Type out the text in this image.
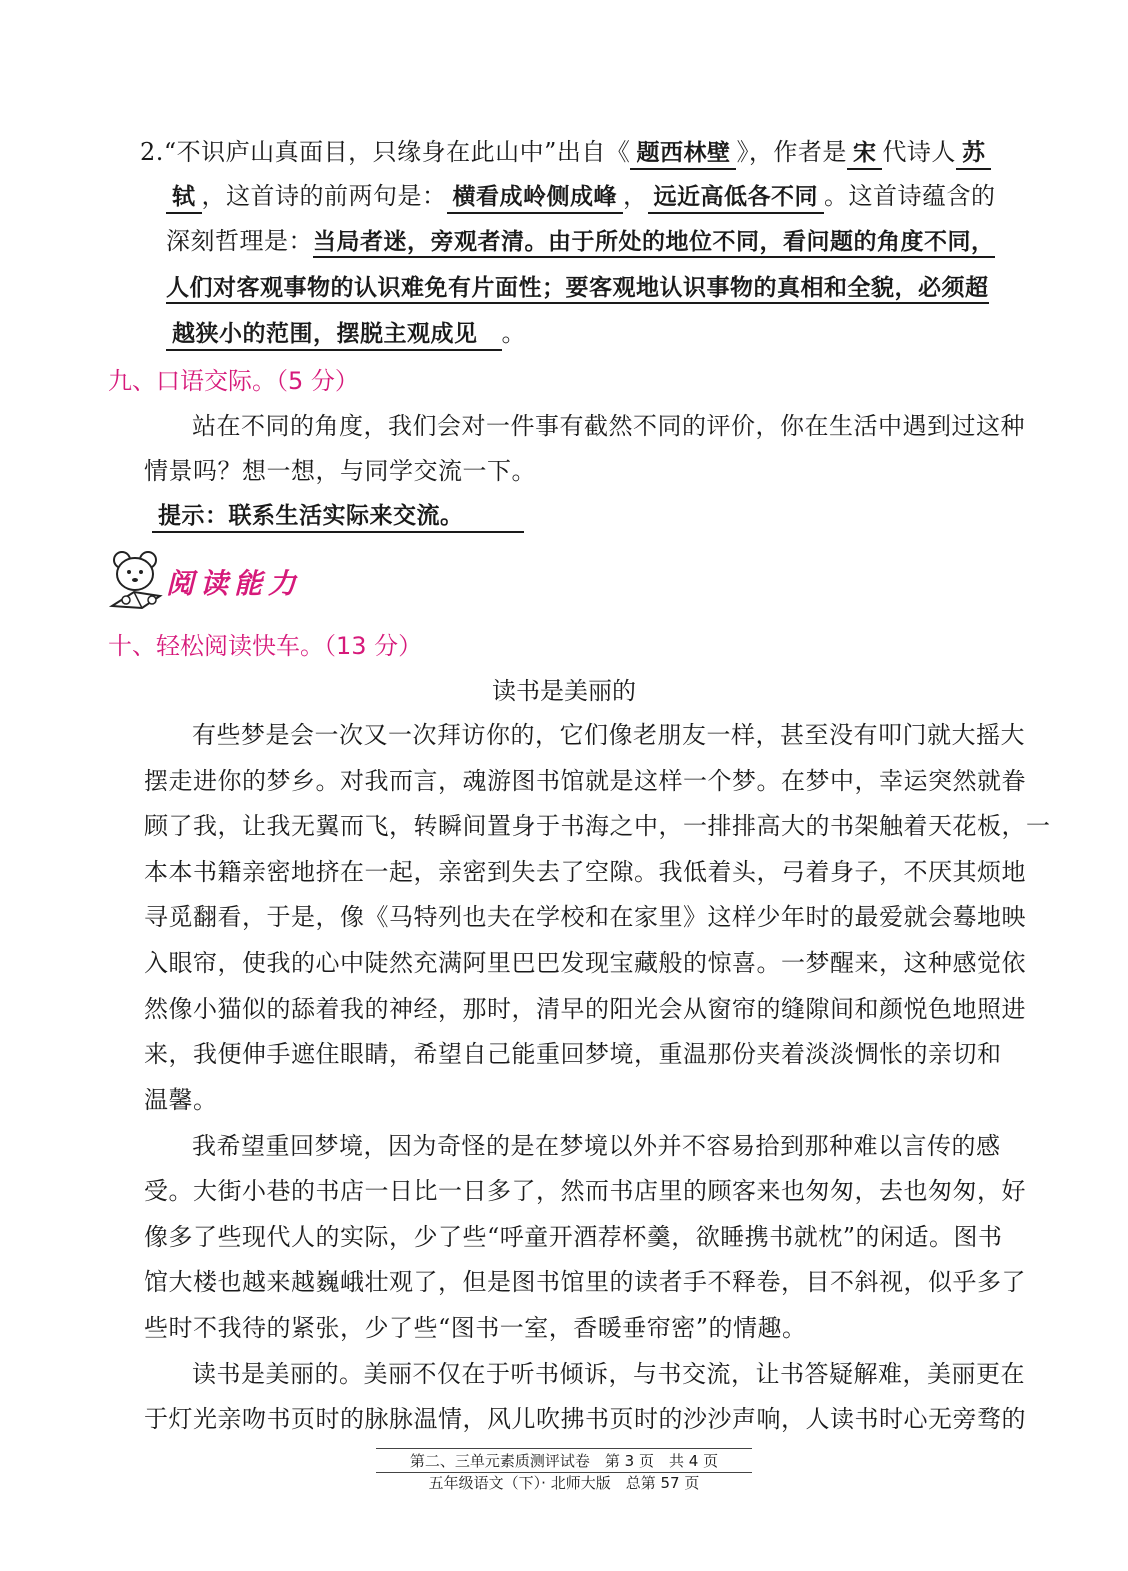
2.“不识庐山真面目，只缘身在此山中”出自《 题西林壁 》，作者是 宋 代诗人 苏
轼 ，这首诗的前两句是： 横看成岭侧成峰 ， 远近高低各不同 。这首诗蕴含的
深刻哲理是：当局者迷，旁观者清。由于所处的地位不同，看问题的角度不同，
人们对客观事物的认识难免有片面性；要客观地认识事物的真相和全貌，必须超
越狭小的范围，摆脱主观成见 。
九、口语交际。（5 分）
站在不同的角度，我们会对一件事有截然不同的评价，你在生活中遇到过这种
情景吗？想一想，与同学交流一下。
提示：联系生活实际来交流。
阅读能力
十、轻松阅读快车。（13 分）
读书是美丽的
有些梦是会一次又一次拜访你的，它们像老朋友一样，甚至没有叩门就大摇大
摆走进你的梦乡。对我而言，魂游图书馆就是这样一个梦。在梦中，幸运突然就眷
顾了我，让我无翼而飞，转瞬间置身于书海之中，一排排高大的书架触着天花板，一
本本书籍亲密地挤在一起，亲密到失去了空隙。我低着头，弓着身子，不厌其烦地
寻觅翻看，于是，像《马特列也夫在学校和在家里》这样少年时的最爱就会蓦地映
入眼帘，使我的心中陡然充满阿里巴巴发现宝藏般的惊喜。一梦醒来，这种感觉依
然像小猫似的舔着我的神经，那时，清早的阳光会从窗帘的缝隙间和颜悦色地照进
来，我便伸手遮住眼睛，希望自己能重回梦境，重温那份夹着淡淡惆怅的亲切和
温馨。
我希望重回梦境，因为奇怪的是在梦境以外并不容易拾到那种难以言传的感
受。大街小巷的书店一日比一日多了，然而书店里的顾客来也匆匆，去也匆匆，好
像多了些现代人的实际，少了些“呼童开酒荐杯羹，欲睡携书就枕”的闲适。图书
馆大楼也越来越巍峨壮观了，但是图书馆里的读者手不释卷，目不斜视，似乎多了
些时不我待的紧张，少了些“图书一室，香暖垂帘密”的情趣。
读书是美丽的。美丽不仅在于听书倾诉，与书交流，让书答疑解难，美丽更在
于灯光亲吻书页时的脉脉温情，风儿吹拂书页时的沙沙声响，人读书时心无旁骛的
第二、三单元素质测评试卷　第 3 页　共 4 页
五年级语文（下）· 北师大版　总第 57 页
